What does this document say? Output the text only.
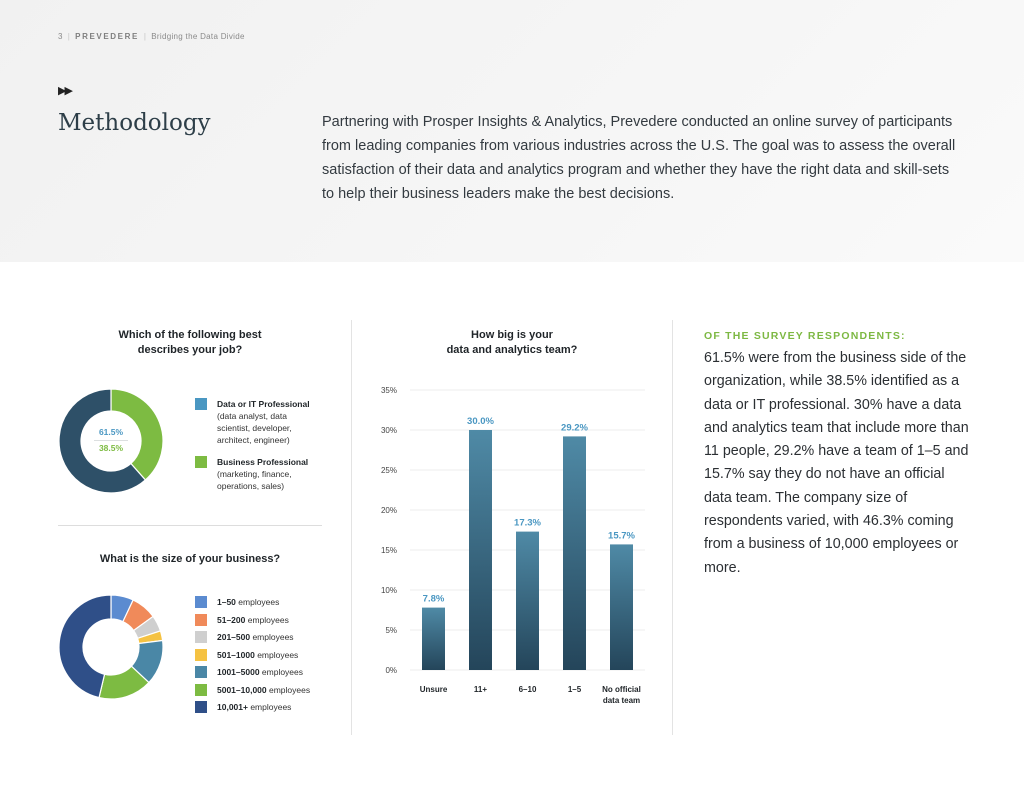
3 | PREVEDERE | Bridging the Data Divide
▶▶
Methodology	Partnering with Prosper Insights & Analytics, Prevedere conducted an online survey of participants from leading companies from various industries across the U.S. The goal was to assess the overall satisfaction of their data and analytics program and whether they have the right data and skill-sets to help their business leaders make the best decisions.

Which of the following best
describes your job?
61.5%
38.5%
Data or IT Professional
(data analyst, data
scientist, developer,
architect, engineer)
Business Professional
(marketing, finance,
operations, sales)
What is the size of your business?
1–50 employees
51–200 employees
201–500 employees
501–1000 employees
1001–5000 employees
5001–10,000 employees
10,001+ employees
How big is your
data and analytics team?
0%
5%
10%
15%
20%
25%
30%
35%
7.8%
Unsure
30.0%
11+
17.3%
6–10
29.2%
1–5
15.7%
No official
data team
OF THE SURVEY RESPONDENTS:

61.5% were from the business side of the organization, while 38.5% identified as a data or IT professional. 30% have a data and analytics team that include more than 11 people, 29.2% have a team of 1–5 and 15.7% say they do not have an official data team. The company size of respondents varied, with 46.3% coming from a business of 10,000 employees or more.
